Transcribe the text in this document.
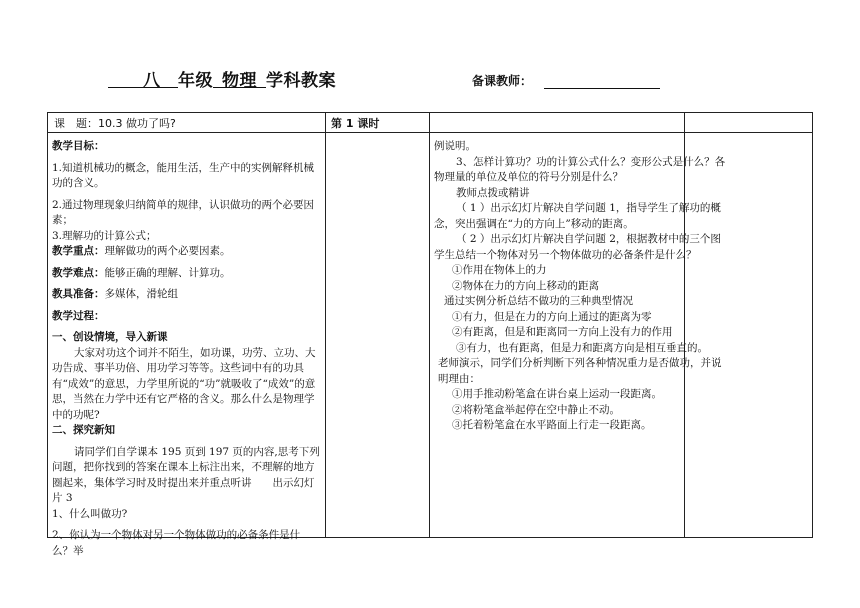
　　八　 年级  物理  学科教案	备课教师：
课　题：10.3 做功了吗?	第 1 课时

教学目标：

1.知道机械功的概念，能用生活，生产中的实例解释机械功的含义。

2.通过物理现象归纳简单的规律，认识做功的两个必要因素；

3.理解功的计算公式；

教学重点：理解做功的两个必要因素。

教学难点：能够正确的理解、计算功。

教具准备：多媒体，滑轮组

教学过程：

一、创设情境，导入新课

大家对功这个词并不陌生，如功课，功劳、立功、大功告成、事半功倍、用功学习等等。这些词中有的功具有“成效”的意思，力学里所说的“功”就吸收了“成效”的意思，当然在力学中还有它严格的含义。那么什么是物理学中的功呢?

二、探究新知

请同学们自学课本 195 页到 197 页的内容,思考下列问题，把你找到的答案在课本上标注出来，不理解的地方圈起来，集体学习时及时提出来并重点听讲　　出示幻灯片 3

1、什么叫做功?

2、你认为一个物体对另一个物体做功的必备条件是什么？举

例说明。

3、怎样计算功？功的计算公式什么？变形公式是什么？各物理量的单位及单位的符号分别是什么？

教师点拨或精讲

（ 1 ）出示幻灯片解决自学问题 1，指导学生了解功的概念，突出强调在“力的方向上”移动的距离。

（ 2 ）出示幻灯片解决自学问题 2，根据教材中的三个图学生总结一个物体对另一个物体做功的必备条件是什么？

①作用在物体上的力

②物体在力的方向上移动的距离

通过实例分析总结不做功的三种典型情况

①有力，但是在力的方向上通过的距离为零

②有距离，但是和距离同一方向上没有力的作用

③有力，也有距离，但是力和距离方向是相互垂直的。

老师演示，同学们分析判断下列各种情况重力是否做功，并说明理由：

①用手推动粉笔盒在讲台桌上运动一段距离。

②将粉笔盒举起停在空中静止不动。

③托着粉笔盒在水平路面上行走一段距离。
